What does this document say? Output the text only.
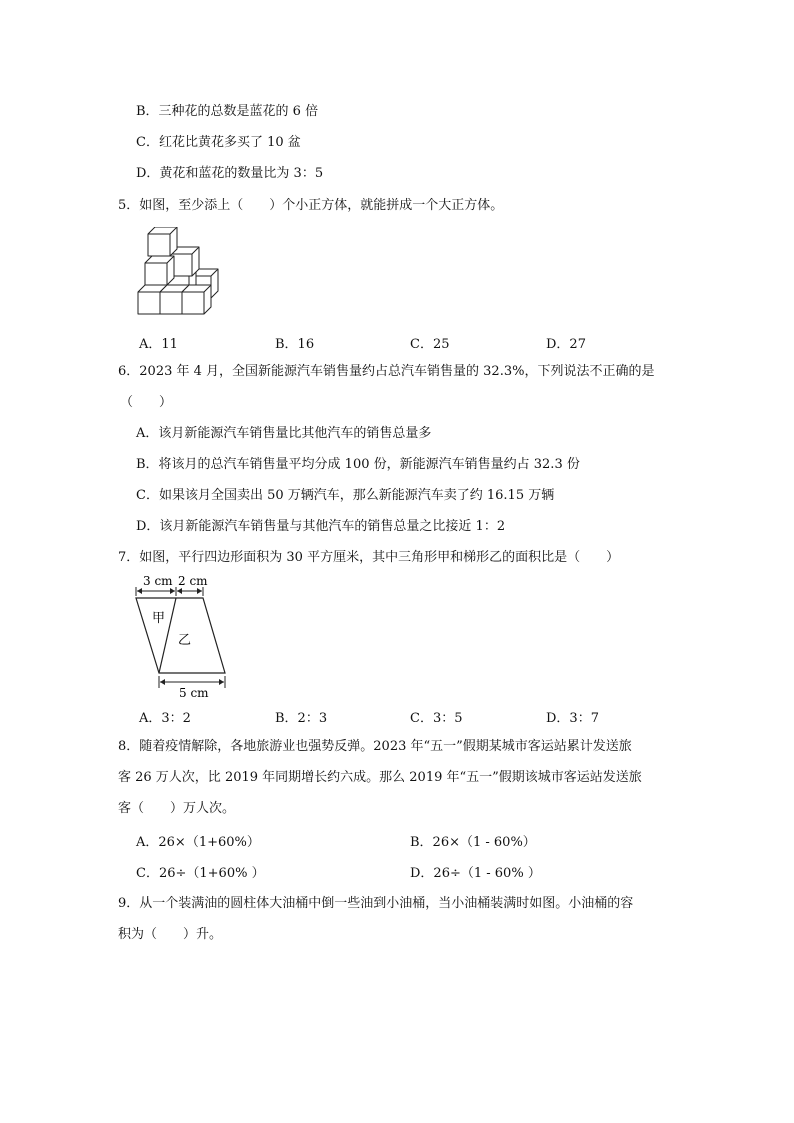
B．三种花的总数是蓝花的 6 倍
C．红花比黄花多买了 10 盆
D．黄花和蓝花的数量比为 3：5
5．如图，至少添上（　　）个小正方体，就能拼成一个大正方体。
A．11	B．16	C．25	D．27
6．2023 年 4 月，全国新能源汽车销售量约占总汽车销售量的 32.3%，下列说法不正确的是
（　　）
A．该月新能源汽车销售量比其他汽车的销售总量多
B．将该月的总汽车销售量平均分成 100 份，新能源汽车销售量约占 32.3 份
C．如果该月全国卖出 50 万辆汽车，那么新能源汽车卖了约 16.15 万辆
D．该月新能源汽车销售量与其他汽车的销售总量之比接近 1：2
7．如图，平行四边形面积为 30 平方厘米，其中三角形甲和梯形乙的面积比是（　　）
3 cm 2 cm
甲
乙
5 cm
A．3：2	B．2：3	C．3：5	D．3：7
8．随着疫情解除，各地旅游业也强势反弹。2023 年“五一”假期某城市客运站累计发送旅
客 26 万人次，比 2019 年同期增长约六成。那么 2019 年“五一”假期该城市客运站发送旅
客（　　）万人次。
A．26×（1+60%）	B．26×（1 - 60%）
C．26÷（1+60% ）	D．26÷（1 - 60% ）
9．从一个装满油的圆柱体大油桶中倒一些油到小油桶，当小油桶装满时如图。小油桶的容
积为（　　）升。
